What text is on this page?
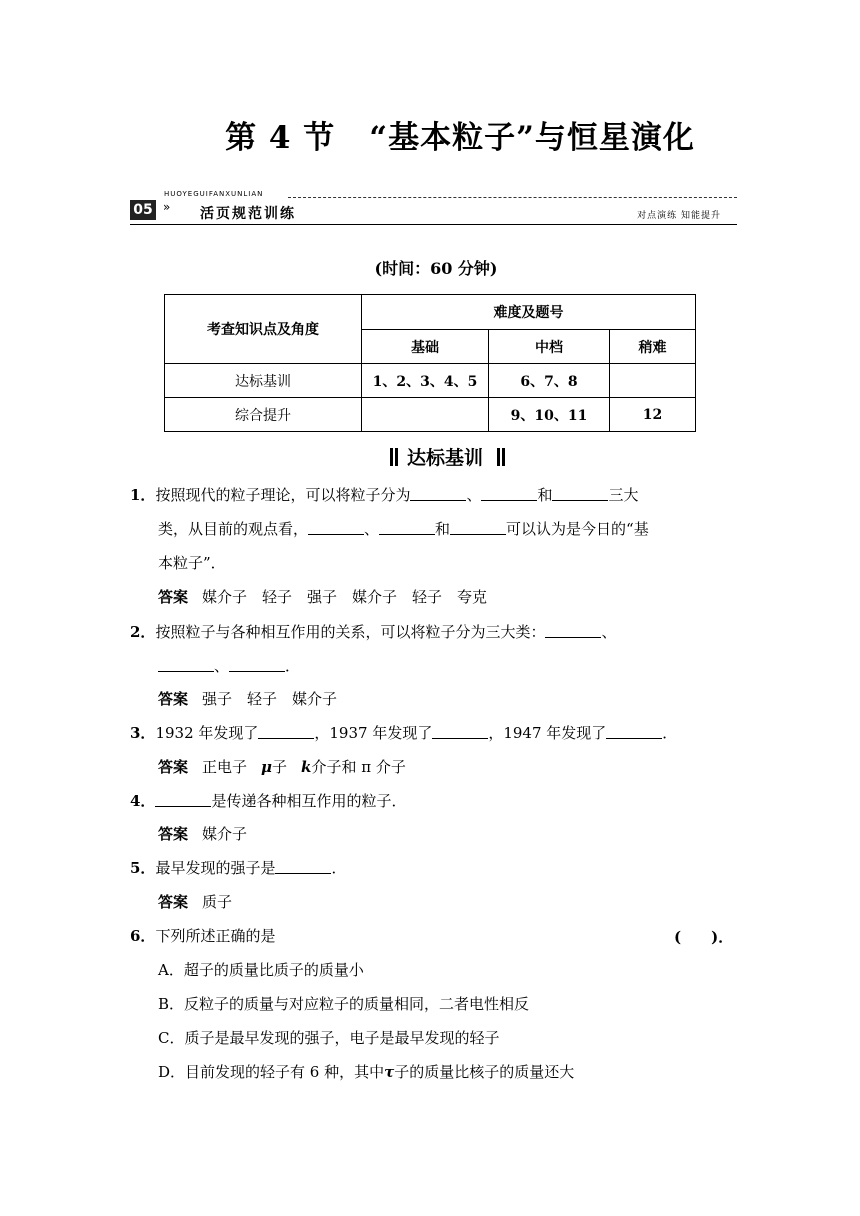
第 4 节 “基本粒子”与恒星演化
HUOYEGUIFANXUNLIAN
05 » 活页规范训练	对点演练 知能提升
(时间：60 分钟)
考查知识点及角度	难度及题号		
	基础	中档	稍难
达标基训	1、2、3、4、5	6、7、8	
综合提升		9、10、11	12
达标基训
1．按照现代的粒子理论，可以将粒子分为	、	和	三大
类，从目前的观点看，	、	和	可以认为是今日的“基
本粒子”．
答案 媒介子　轻子　强子　媒介子　轻子　夸克
2．按照粒子与各种相互作用的关系，可以将粒子分为三大类：	、
、	．
答案 强子　轻子　媒介子
3．1932 年发现了	，1937 年发现了	，1947 年发现了	．
答案 正电子 μ子 k介子和 π 介子
4．	是传递各种相互作用的粒子．
答案 媒介子
5．最早发现的强子是	．
答案 质子
6．下列所述正确的是	(　　)．
A．超子的质量比质子的质量小
B．反粒子的质量与对应粒子的质量相同，二者电性相反
C．质子是最早发现的强子，电子是最早发现的轻子
D．目前发现的轻子有 6 种，其中τ子的质量比核子的质量还大
